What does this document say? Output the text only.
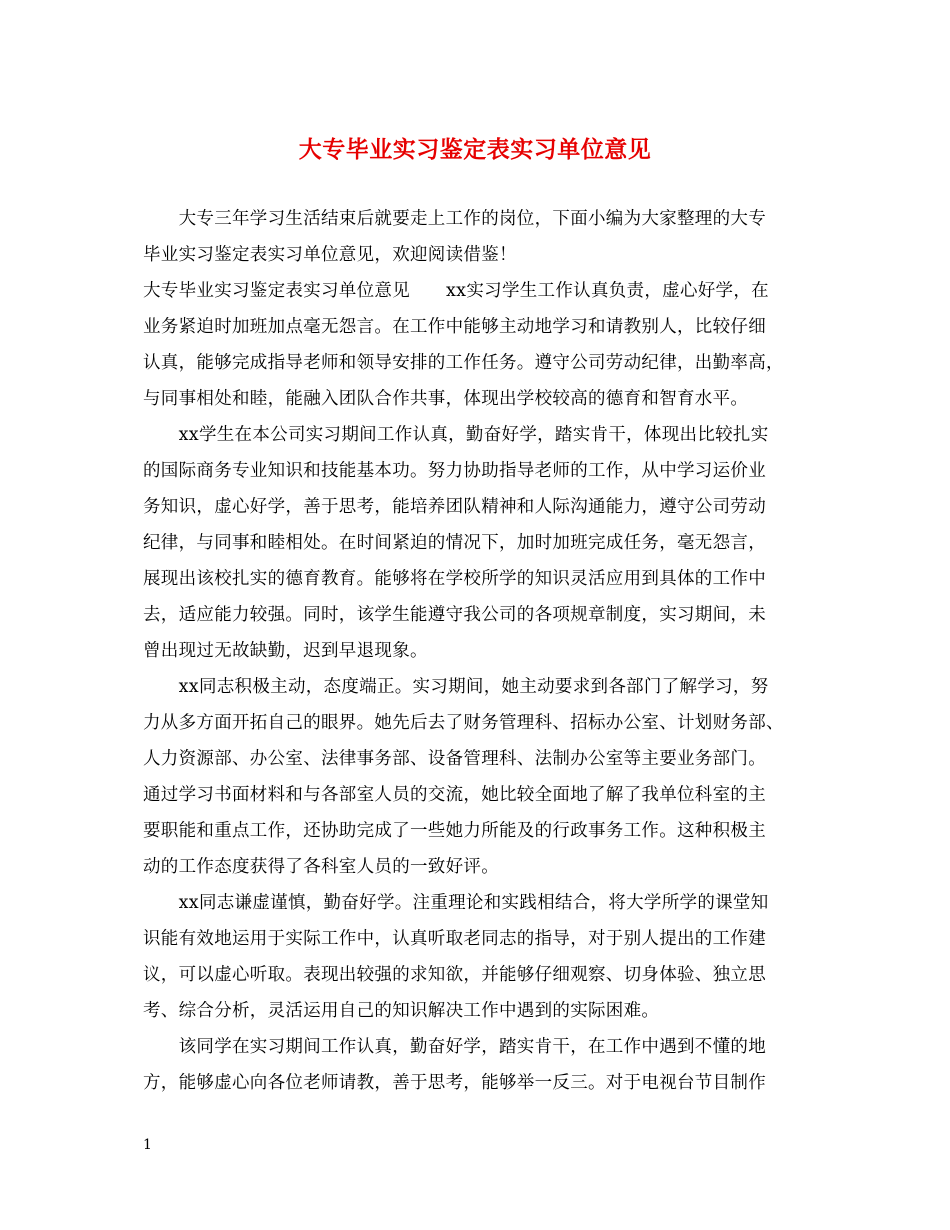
大专毕业实习鉴定表实习单位意见
　　大专三年学习生活结束后就要走上工作的岗位，下面小编为大家整理的大专
毕业实习鉴定表实习单位意见，欢迎阅读借鉴！
大专毕业实习鉴定表实习单位意见 xx实习学生工作认真负责，虚心好学，在
业务紧迫时加班加点毫无怨言。在工作中能够主动地学习和请教别人，比较仔细
认真，能够完成指导老师和领导安排的工作任务。遵守公司劳动纪律，出勤率高，
与同事相处和睦，能融入团队合作共事，体现出学校较高的德育和智育水平。
　　xx学生在本公司实习期间工作认真，勤奋好学，踏实肯干，体现出比较扎实
的国际商务专业知识和技能基本功。努力协助指导老师的工作，从中学习运价业
务知识，虚心好学，善于思考，能培养团队精神和人际沟通能力，遵守公司劳动
纪律，与同事和睦相处。在时间紧迫的情况下，加时加班完成任务，毫无怨言，
展现出该校扎实的德育教育。能够将在学校所学的知识灵活应用到具体的工作中
去，适应能力较强。同时，该学生能遵守我公司的各项规章制度，实习期间，未
曾出现过无故缺勤，迟到早退现象。
　　xx同志积极主动，态度端正。实习期间，她主动要求到各部门了解学习，努
力从多方面开拓自己的眼界。她先后去了财务管理科、招标办公室、计划财务部、
人力资源部、办公室、法律事务部、设备管理科、法制办公室等主要业务部门。
通过学习书面材料和与各部室人员的交流，她比较全面地了解了我单位科室的主
要职能和重点工作，还协助完成了一些她力所能及的行政事务工作。这种积极主
动的工作态度获得了各科室人员的一致好评。
　　xx同志谦虚谨慎，勤奋好学。注重理论和实践相结合，将大学所学的课堂知
识能有效地运用于实际工作中，认真听取老同志的指导，对于别人提出的工作建
议，可以虚心听取。表现出较强的求知欲，并能够仔细观察、切身体验、独立思
考、综合分析，灵活运用自己的知识解决工作中遇到的实际困难。
　　该同学在实习期间工作认真，勤奋好学，踏实肯干，在工作中遇到不懂的地
方，能够虚心向各位老师请教，善于思考，能够举一反三。对于电视台节目制作
1
